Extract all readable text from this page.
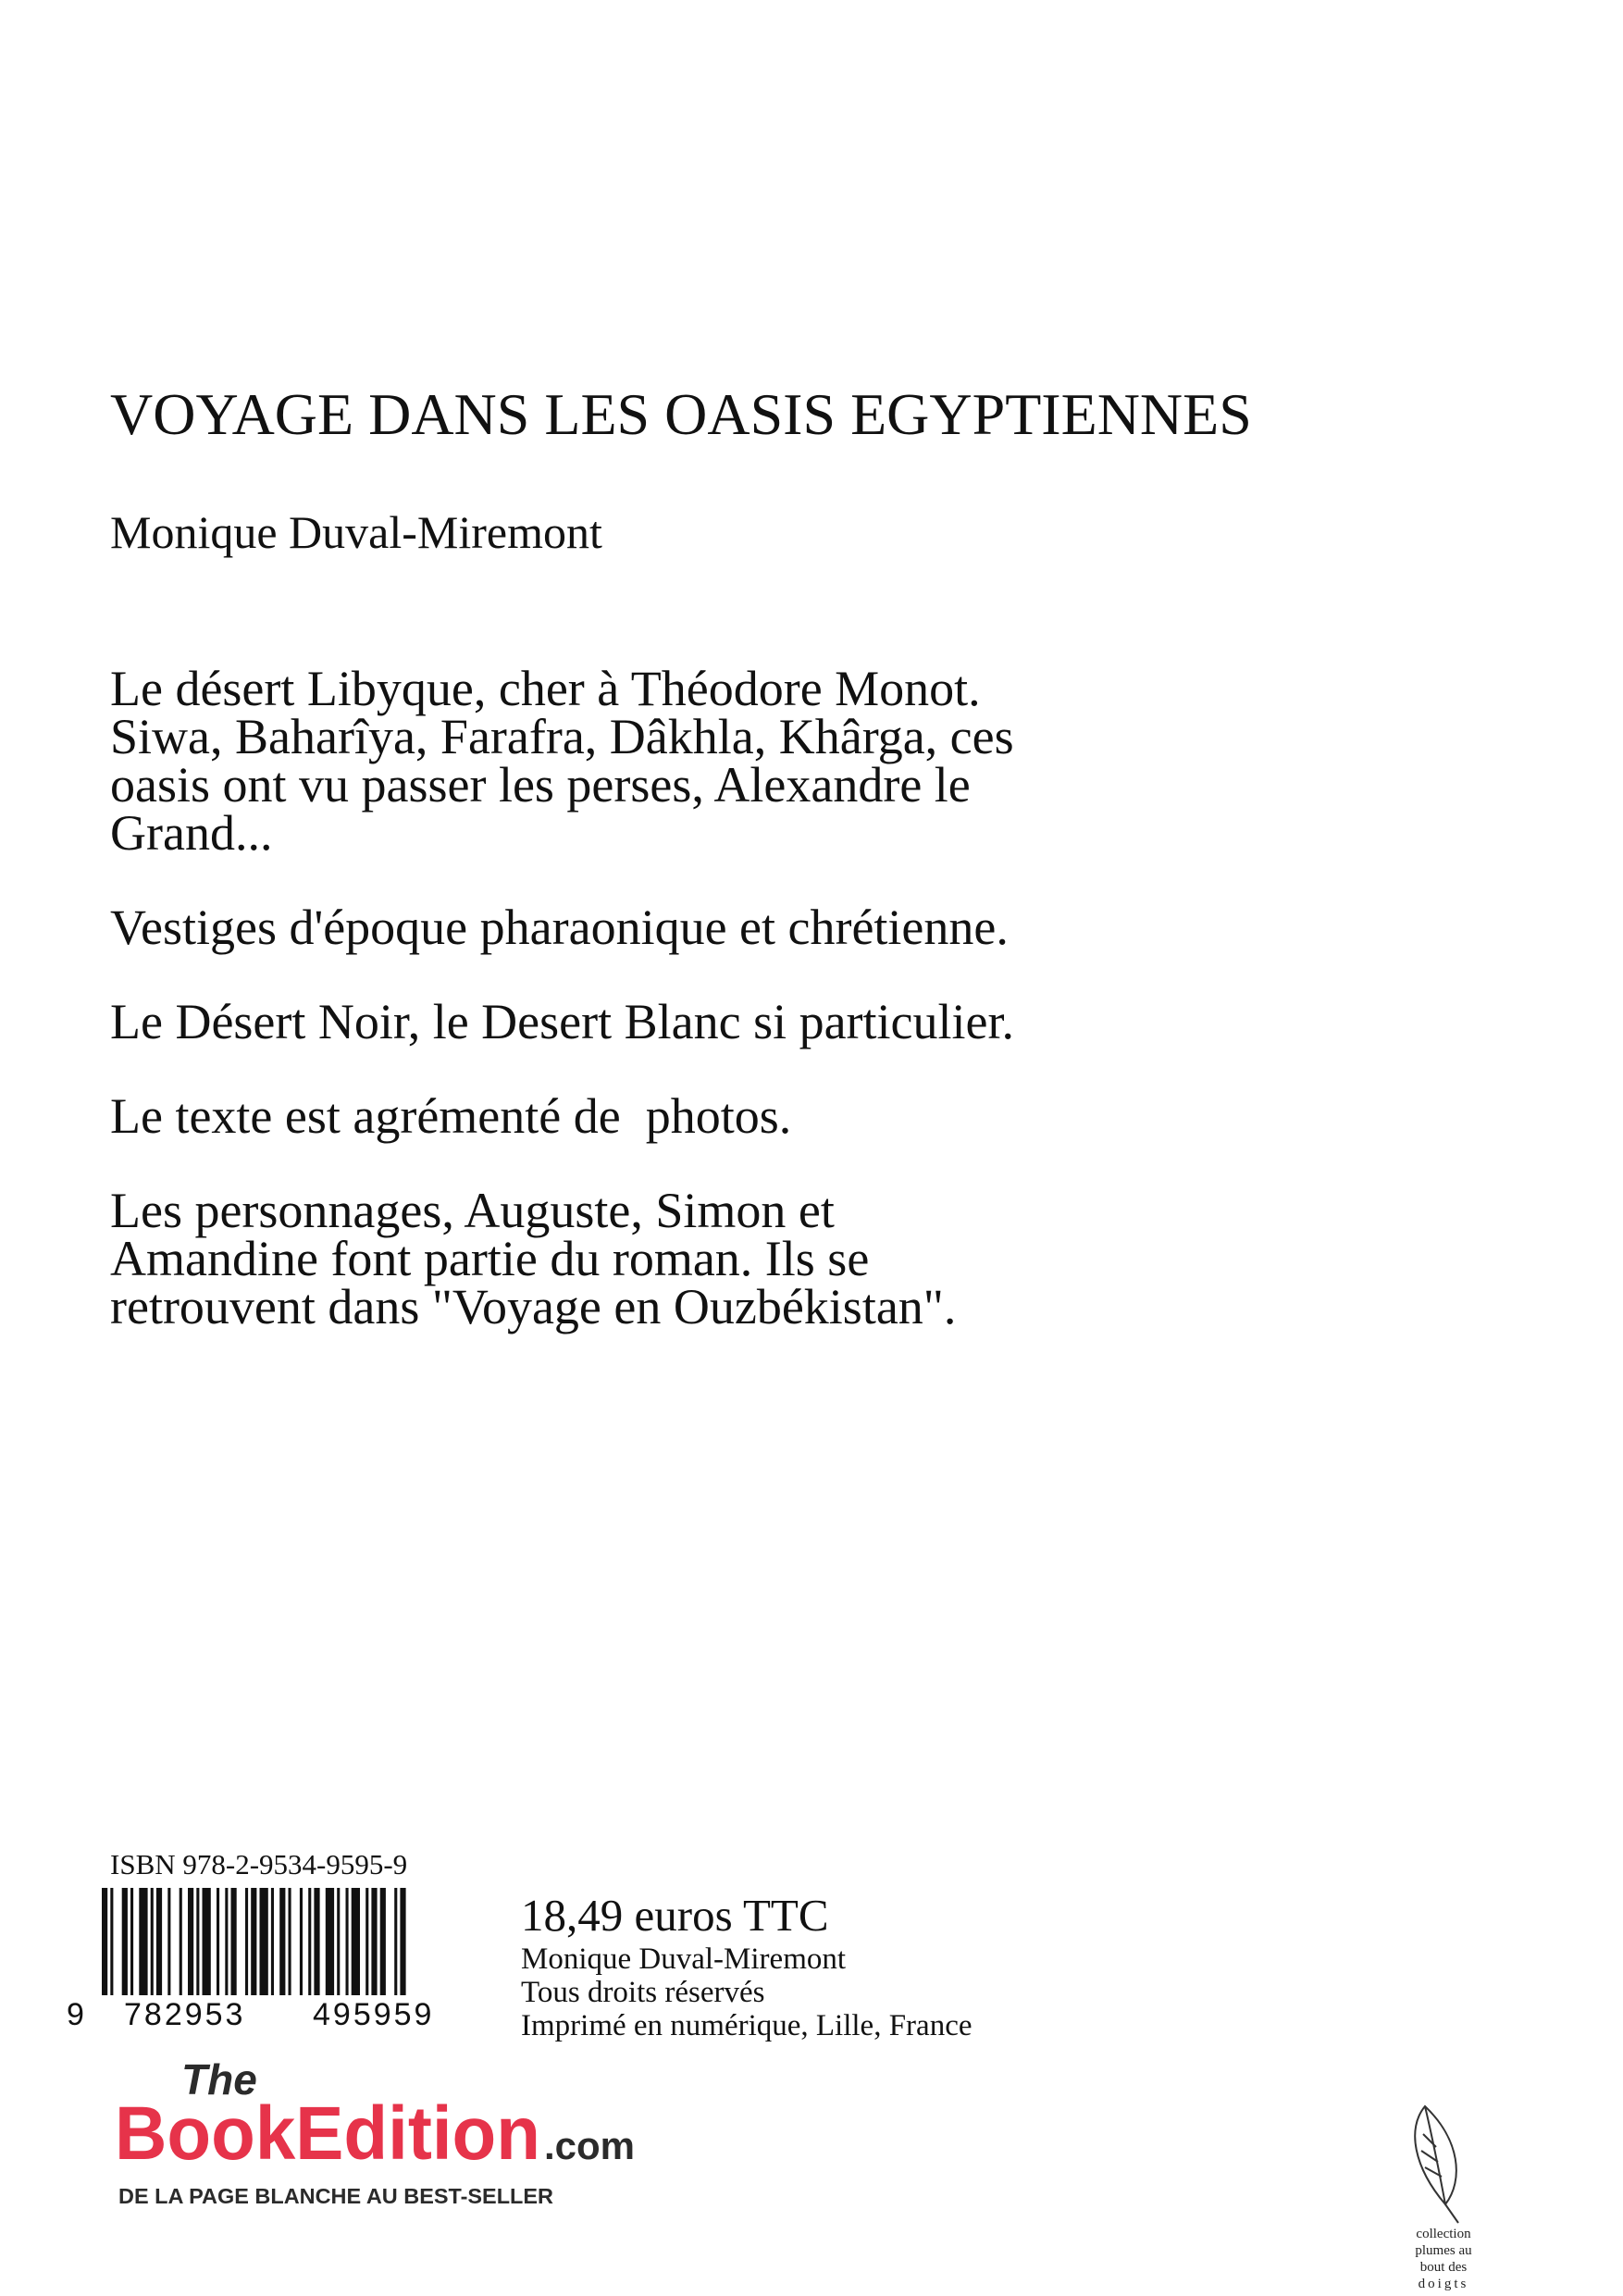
VOYAGE DANS LES OASIS EGYPTIENNES
Monique Duval-Miremont

Le désert Libyque, cher à Théodore Monot.
Siwa, Baharîya, Farafra, Dâkhla, Khârga, ces
oasis ont vu passer les perses, Alexandre le
Grand...

Vestiges d'époque pharaonique et chrétienne.

Le Désert Noir, le Desert Blanc si particulier.

Le texte est agrémenté de  photos.

Les personnages, Auguste, Simon et
Amandine font partie du roman. Ils se
retrouvent dans "Voyage en Ouzbékistan".

ISBN 978-2-9534-9595-9
9 782953 495959
18,49 euros TTC
Monique Duval-Miremont
Tous droits réservés
Imprimé en numérique, Lille, France
The
BookEdition .com
DE LA PAGE BLANCHE AU BEST-SELLER
collection
plumes au
bout des
doigts
